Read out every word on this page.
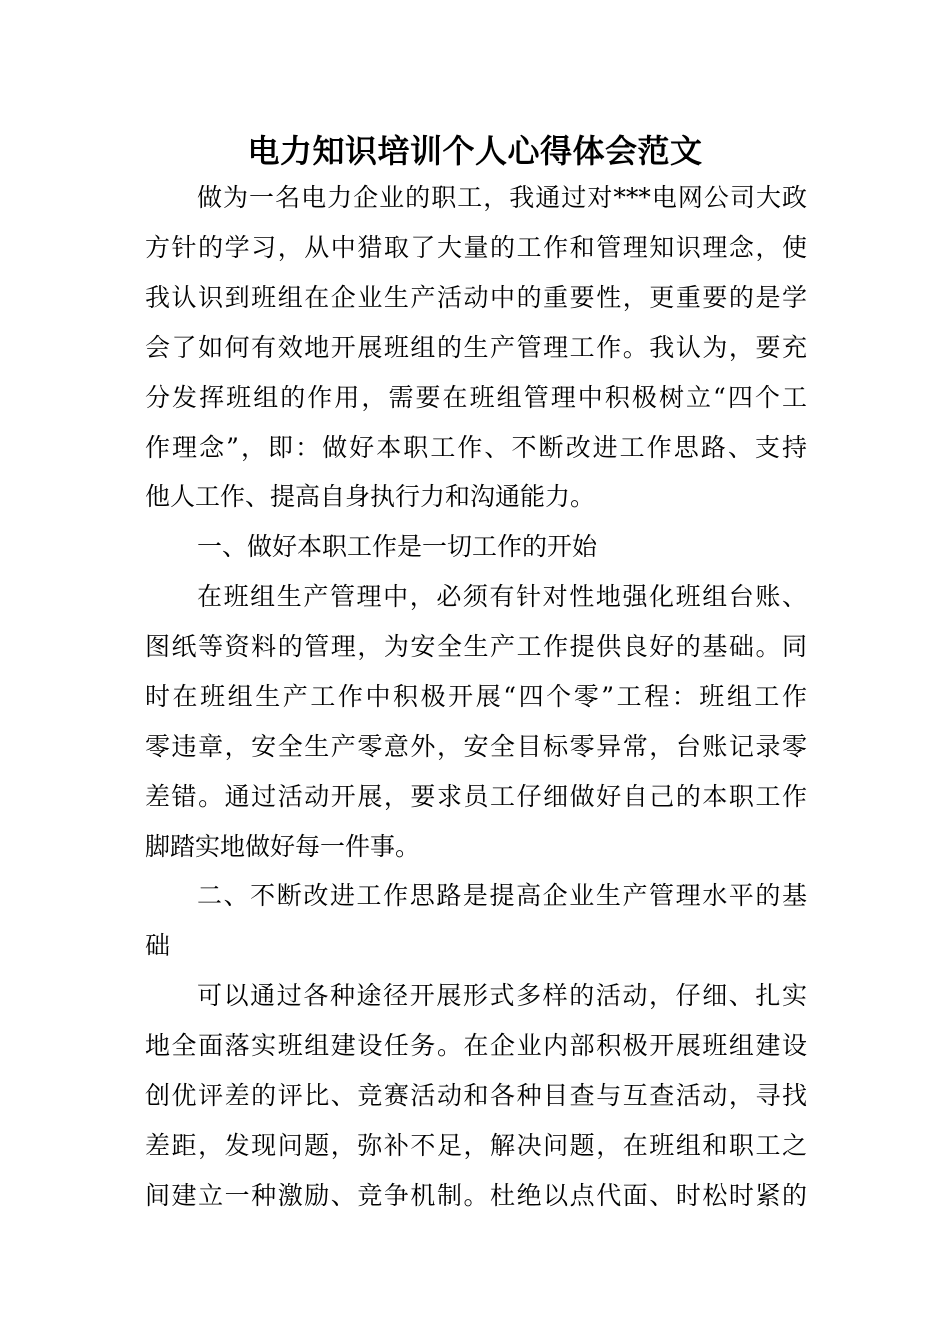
电力知识培训个人心得体会范文
做为一名电力企业的职工，我通过对***电网公司大政
方针的学习，从中猎取了大量的工作和管理知识理念，使
我认识到班组在企业生产活动中的重要性，更重要的是学
会了如何有效地开展班组的生产管理工作。我认为，要充
分发挥班组的作用，需要在班组管理中积极树立“四个工
作理念”，即：做好本职工作、不断改进工作思路、支持
他人工作、提高自身执行力和沟通能力。
一、做好本职工作是一切工作的开始
在班组生产管理中，必须有针对性地强化班组台账、
图纸等资料的管理，为安全生产工作提供良好的基础。同
时在班组生产工作中积极开展“四个零”工程：班组工作
零违章，安全生产零意外，安全目标零异常，台账记录零
差错。通过活动开展，要求员工仔细做好自己的本职工作
脚踏实地做好每一件事。
二、不断改进工作思路是提高企业生产管理水平的基
础
可以通过各种途径开展形式多样的活动，仔细、扎实
地全面落实班组建设任务。在企业内部积极开展班组建设
创优评差的评比、竞赛活动和各种目查与互查活动，寻找
差距，发现问题，弥补不足，解决问题，在班组和职工之
间建立一种激励、竞争机制。杜绝以点代面、时松时紧的
